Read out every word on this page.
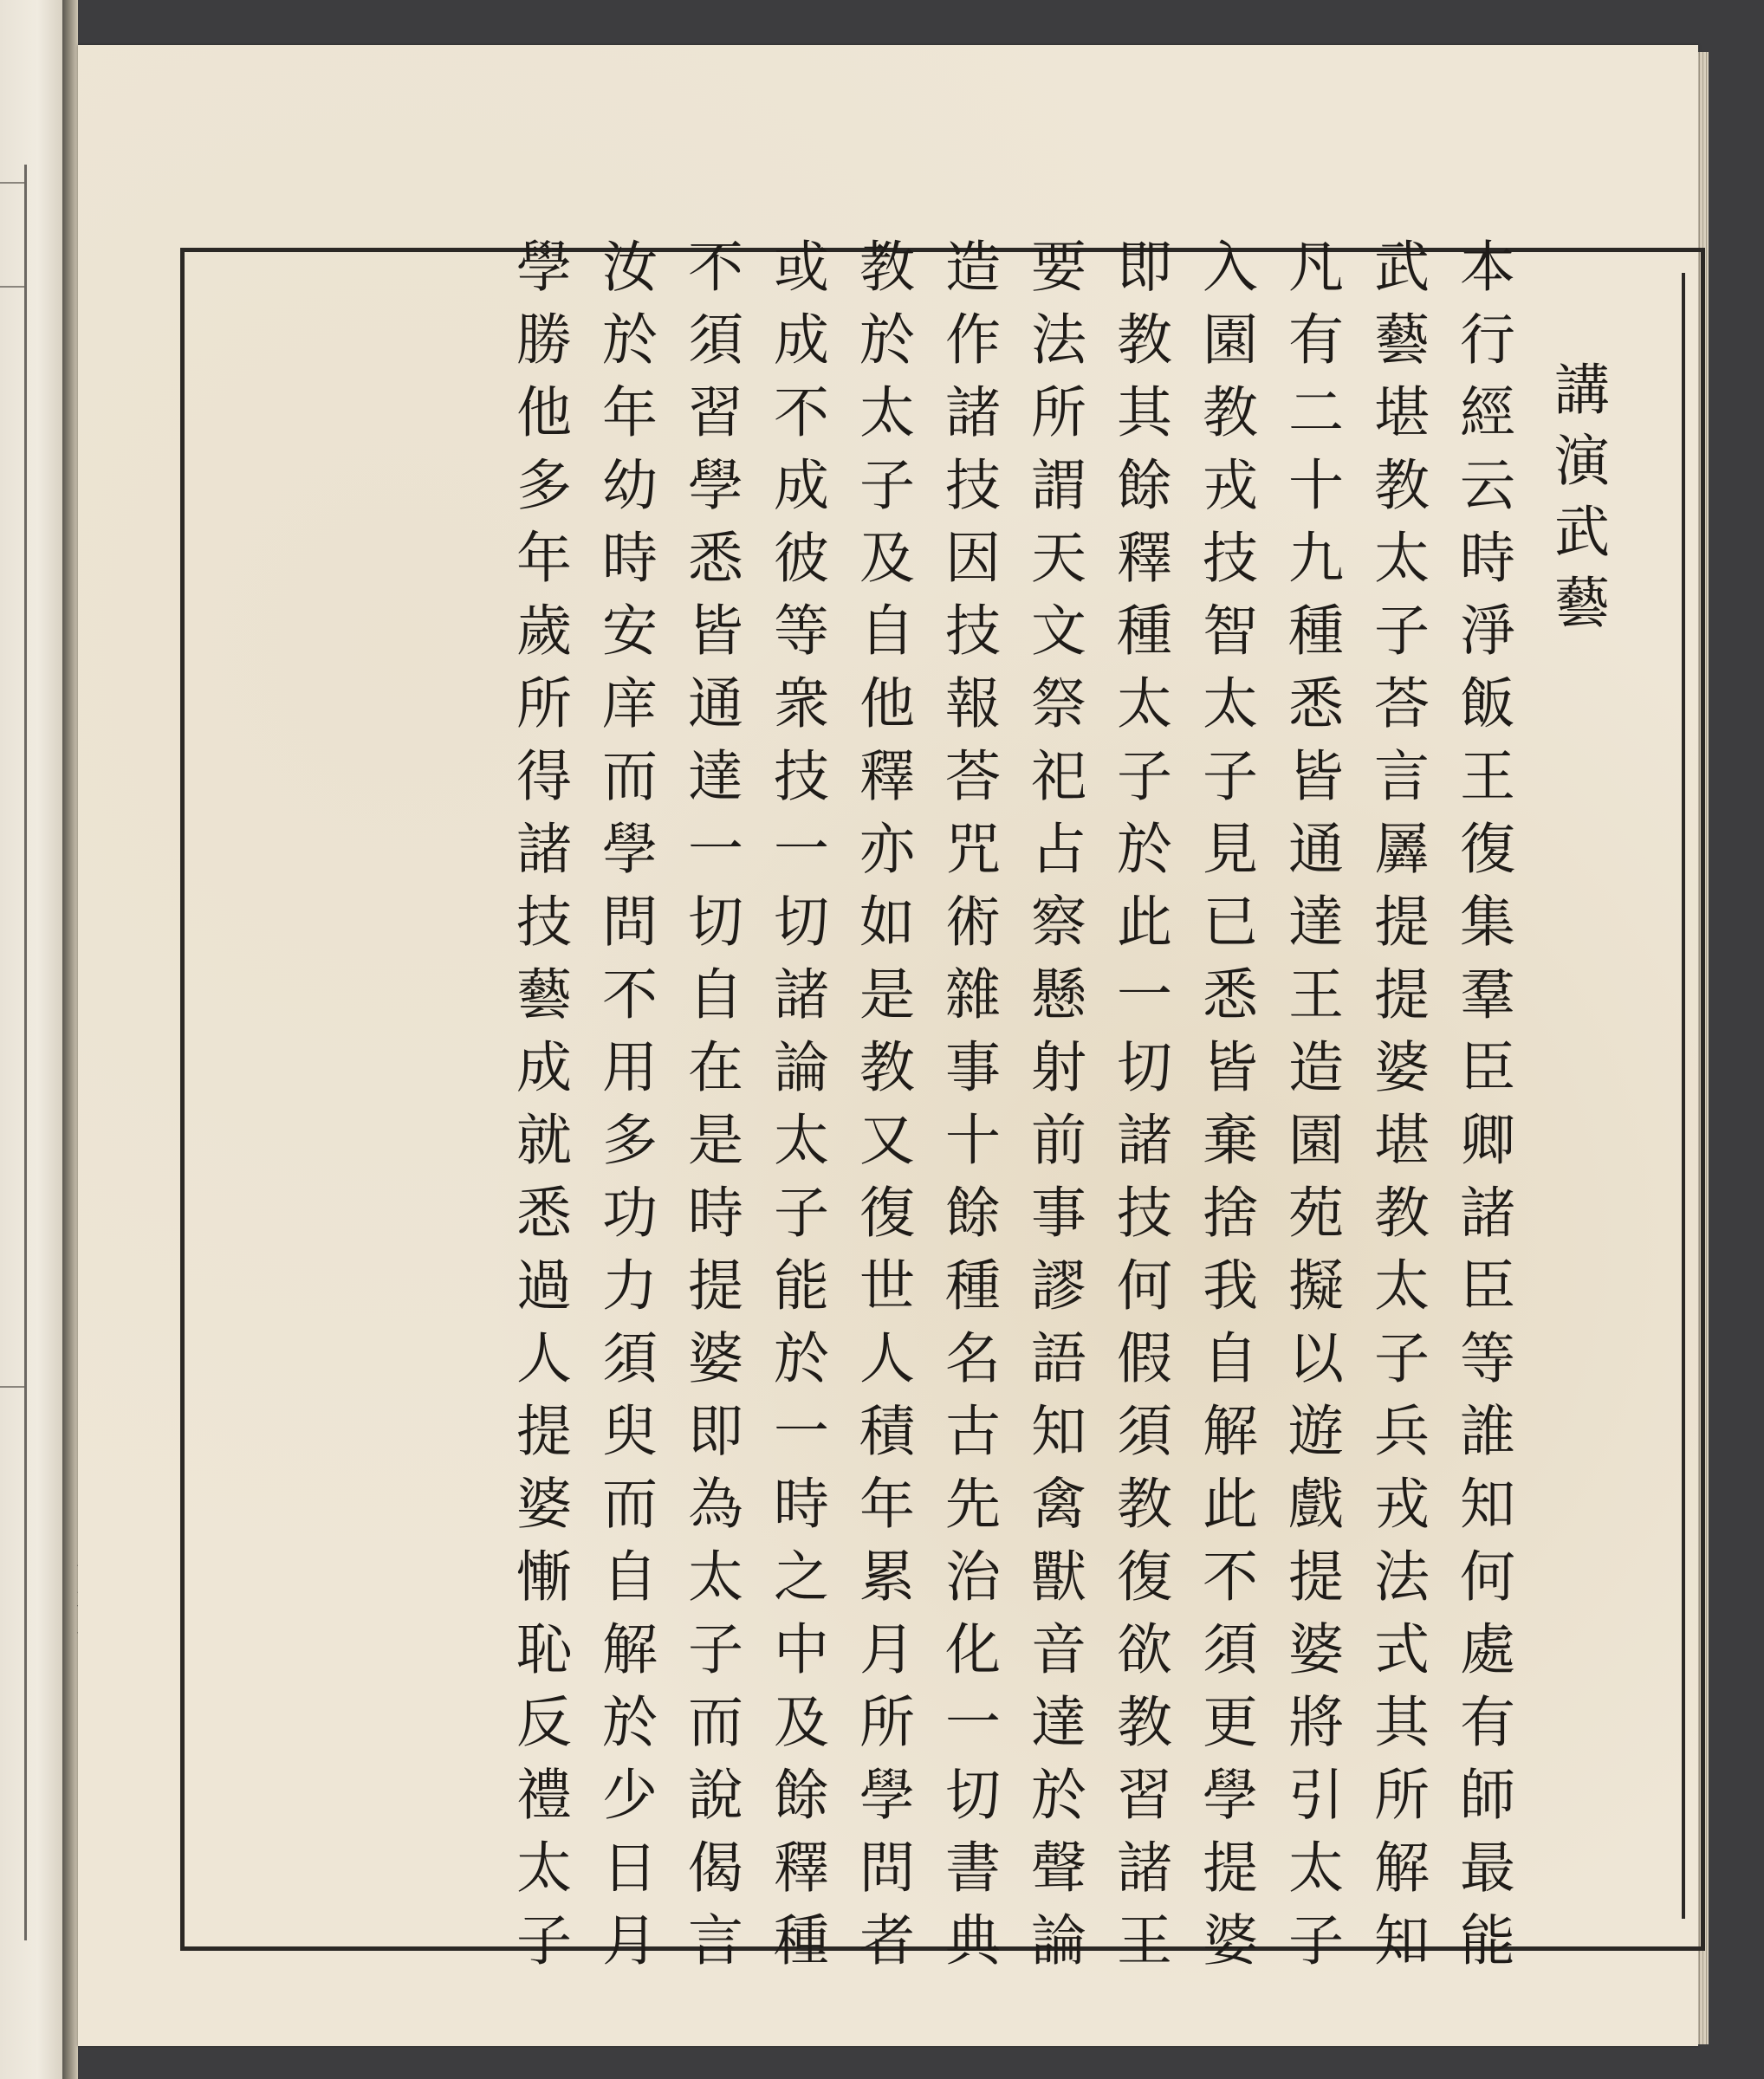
講演武藝
本行經云時淨飯王復集羣臣卿諸臣等誰知何處有師最能
武藝堪教太子荅言羼提提婆堪教太子兵戎法式其所解知
凡有二十九種悉皆通達王造園苑擬以遊戲提婆將引太子
入園教戎技智太子見已悉皆棄捨我自解此不須更學提婆
即教其餘釋種太子於此一切諸技何假須教復欲教習諸王
要法所謂天文祭祀占察懸射前事謬語知禽獸音達於聲論
造作諸技因技報荅咒術雜事十餘種名古先治化一切書典
教於太子及自他釋亦如是教又復世人積年累月所學問者
或成不成彼等衆技一切諸論太子能於一時之中及餘釋種
不須習學悉皆通達一切自在是時提婆即為太子而說偈言
汝於年幼時安庠而學問不用多功力須臾而自解於少日月
學勝他多年歲所得諸技藝成就悉過人提婆慚恥反禮太子
